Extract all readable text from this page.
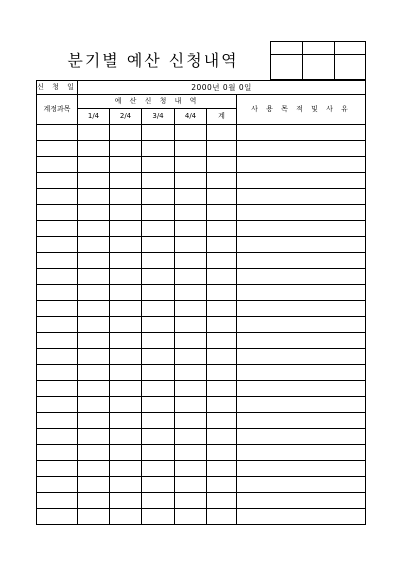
분기별 예산 신청내역

신 청 일	2000년 0월 0일					
계정과목	예 산 신 청 내 역					사 용 목 적 및 사 유
	1/4	2/4	3/4	4/4	계	
